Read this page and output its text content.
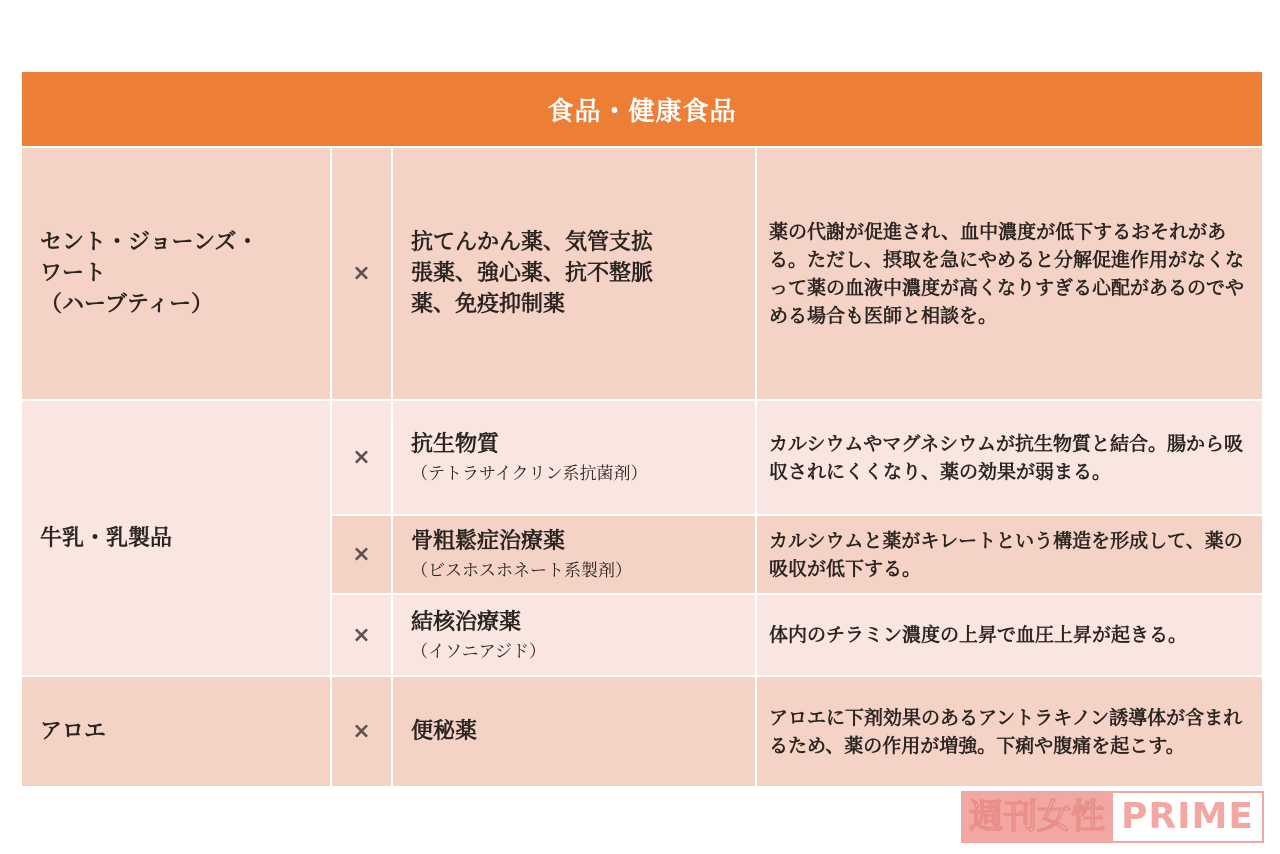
食品・健康食品
セント・ジョーンズ・
ワート
（ハーブティー）
×
抗てんかん薬、気管支拡
張薬、強心薬、抗不整脈
薬、免疫抑制薬
薬の代謝が促進され、血中濃度が低下するおそれがある。ただし、摂取を急にやめると分解促進作用がなくなって薬の血液中濃度が高くなりすぎる心配があるのでやめる場合も医師と相談を。
牛乳・乳製品
×
抗生物質
（テトラサイクリン系抗菌剤）
カルシウムやマグネシウムが抗生物質と結合。腸から吸収されにくくなり、薬の効果が弱まる。
×
骨粗鬆症治療薬
（ビスホスホネート系製剤）
カルシウムと薬がキレートという構造を形成して、薬の吸収が低下する。
×
結核治療薬
（イソニアジド）
体内のチラミン濃度の上昇で血圧上昇が起きる。
アロエ	×	便秘薬
アロエに下剤効果のあるアントラキノン誘導体が含まれるため、薬の作用が増強。下痢や腹痛を起こす。
週刊女性 PRIME
